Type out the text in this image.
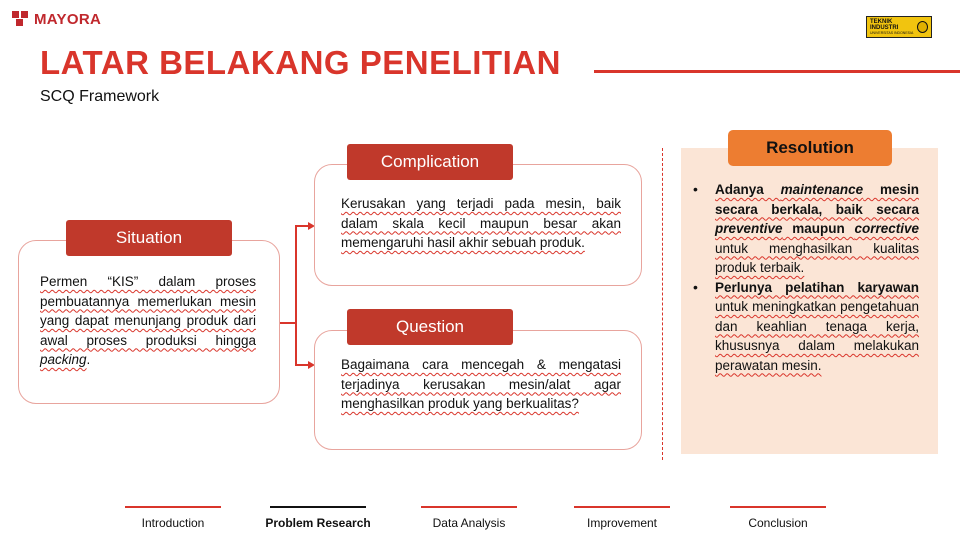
MAYORA	TEKNIK INDUSTRI
UNIVERSITAS INDONESIA
LATAR BELAKANG PENELITIAN
SCQ Framework
Situation
Permen “KIS” dalam proses pembuatannya memerlukan mesin yang dapat menunjang produk dari awal proses produksi hingga packing.
Complication
Kerusakan yang terjadi pada mesin, baik dalam skala kecil maupun besar akan memengaruhi hasil akhir sebuah produk.
Question
Bagaimana cara mencegah & mengatasi terjadinya kerusakan mesin/alat agar menghasilkan produk yang berkualitas?
Resolution
• Adanya maintenance mesin secara berkala, baik secara preventive maupun corrective untuk menghasilkan kualitas produk terbaik.
• Perlunya pelatihan karyawan untuk meningkatkan pengetahuan dan keahlian tenaga kerja, khususnya dalam melakukan perawatan mesin.
Introduction	Problem Research	Data Analysis	Improvement	Conclusion
